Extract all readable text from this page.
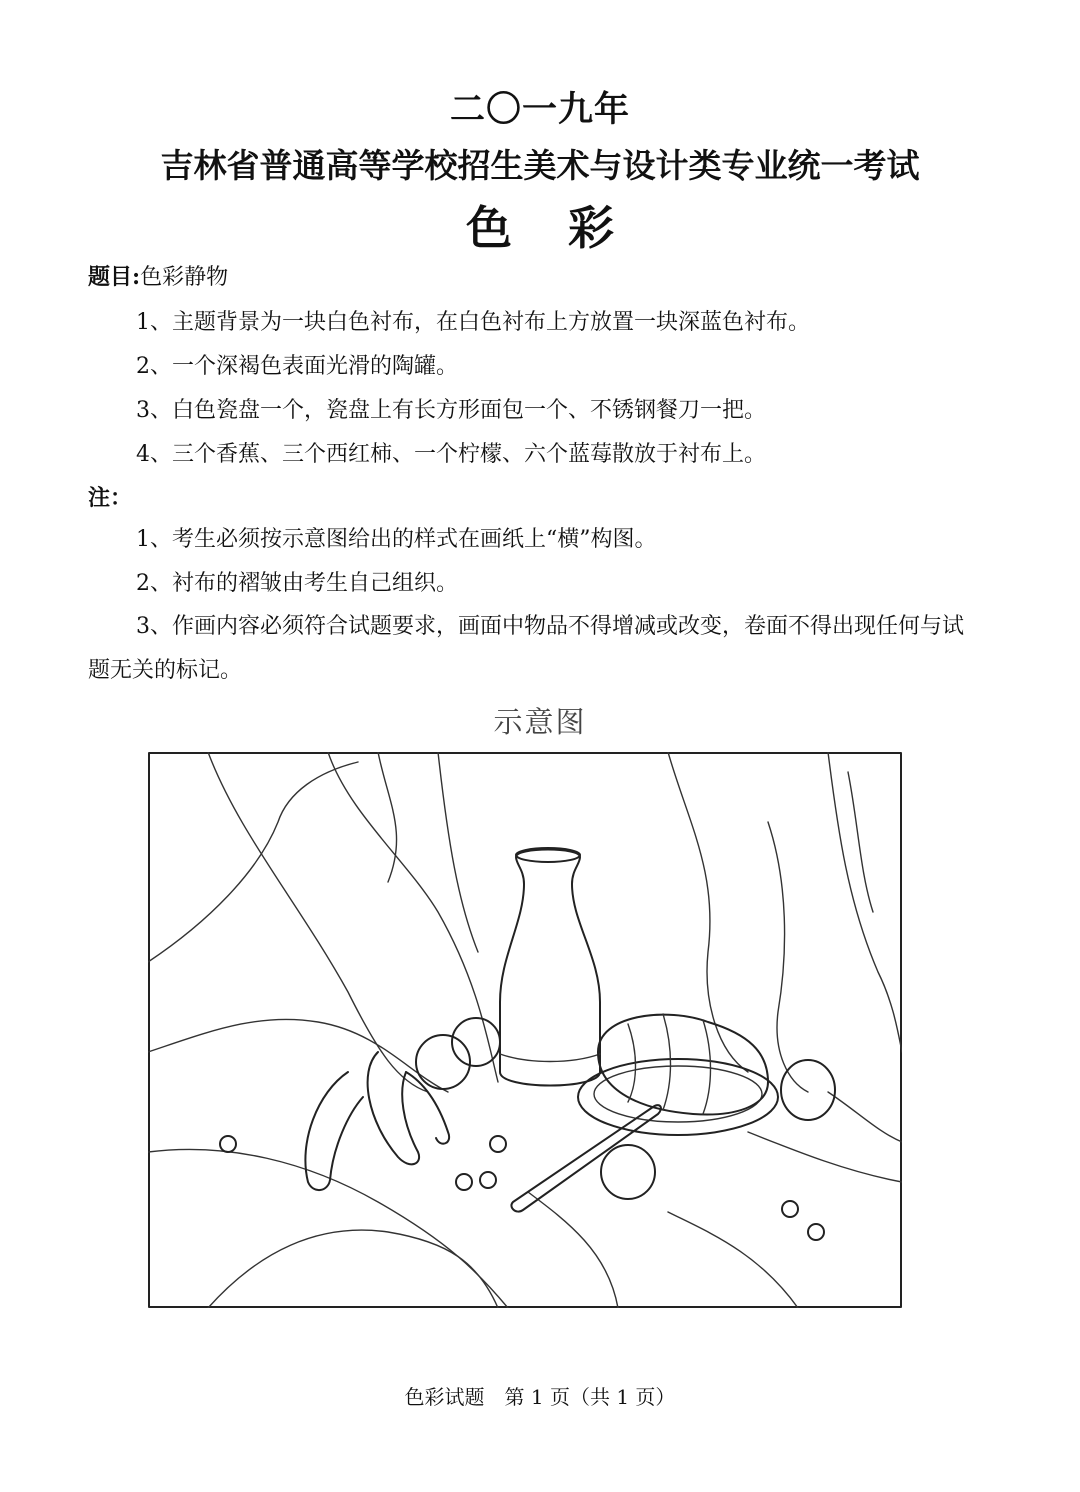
二〇一九年
吉林省普通高等学校招生美术与设计类专业统一考试
色 彩
题目:色彩静物
1、主题背景为一块白色衬布，在白色衬布上方放置一块深蓝色衬布。
2、一个深褐色表面光滑的陶罐。
3、白色瓷盘一个，瓷盘上有长方形面包一个、不锈钢餐刀一把。
4、三个香蕉、三个西红柿、一个柠檬、六个蓝莓散放于衬布上。
注：
1、考生必须按示意图给出的样式在画纸上“横”构图。
2、衬布的褶皱由考生自己组织。
3、作画内容必须符合试题要求，画面中物品不得增减或改变，卷面不得出现任何与试题无关的标记。
示意图
色彩试题　第 1 页（共 1 页）
